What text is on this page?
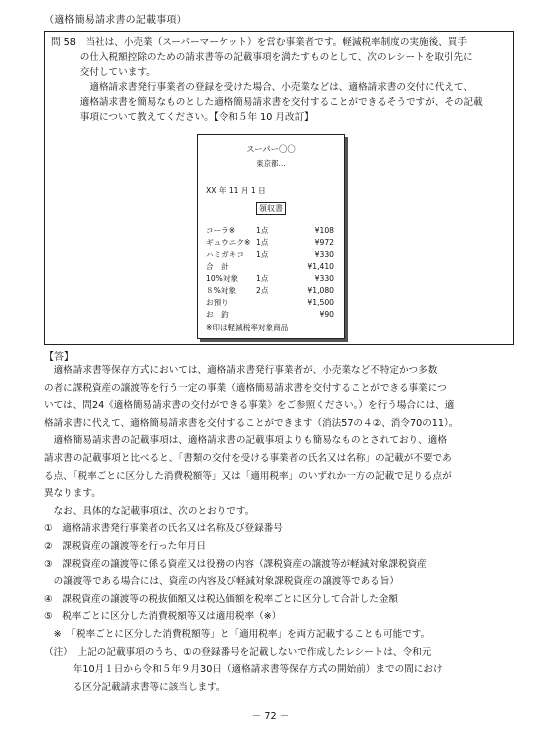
（適格簡易請求書の記載事項）
問 58　当社は、小売業（スーパーマーケット）を営む事業者です。軽減税率制度の実施後、買手
　　　の仕入税額控除のための請求書等の記載事項を満たすものとして、次のレシートを取引先に
　　　交付しています。
　　　　適格請求書発行事業者の登録を受けた場合、小売業などは、適格請求書の交付に代えて、
　　　適格請求書を簡易なものとした適格簡易請求書を交付することができるそうですが、その記載
　　　事項について教えてください。【令和５年 10 月改訂】
スーパー〇〇
東京都…
XX 年 11 月 1 日
領収書
※印は軽減税率対象商品
コーラ※	1点	¥108
ギュウニク※ 1点	¥972
ハミガキコ 1点	¥330
合　計	¥1,410
10%対象 1点	¥330
８%対象	2点	¥1,080
お預り	¥1,500
お　釣	¥90
【答】
　適格請求書等保存方式においては、適格請求書発行事業者が、小売業など不特定かつ多数
の者に課税資産の譲渡等を行う一定の事業（適格簡易請求書を交付することができる事業につ
いては、問24《適格簡易請求書の交付ができる事業》をご参照ください。）を行う場合には、適
格請求書に代えて、適格簡易請求書を交付することができます（消法57の４②、消令70の11）。
　適格簡易請求書の記載事項は、適格請求書の記載事項よりも簡易なものとされており、適格
請求書の記載事項と比べると、「書類の交付を受ける事業者の氏名又は名称」の記載が不要であ
る点、「税率ごとに区分した消費税額等」又は「適用税率」のいずれか一方の記載で足りる点が
異なります。
　なお、具体的な記載事項は、次のとおりです。
①　適格請求書発行事業者の氏名又は名称及び登録番号
②　課税資産の譲渡等を行った年月日
③　課税資産の譲渡等に係る資産又は役務の内容（課税資産の譲渡等が軽減対象課税資産
　の譲渡等である場合には、資産の内容及び軽減対象課税資産の譲渡等である旨）
④　課税資産の譲渡等の税抜価額又は税込価額を税率ごとに区分して合計した金額
⑤　税率ごとに区分した消費税額等又は適用税率（※）
　※　「税率ごとに区分した消費税額等」と「適用税率」を両方記載することも可能です。
（注）　上記の記載事項のうち、①の登録番号を記載しないで作成したレシートは、令和元
　　　年10月１日から令和５年９月30日（適格請求書等保存方式の開始前）までの間におけ
　　　る区分記載請求書等に該当します。
－ 72 －
